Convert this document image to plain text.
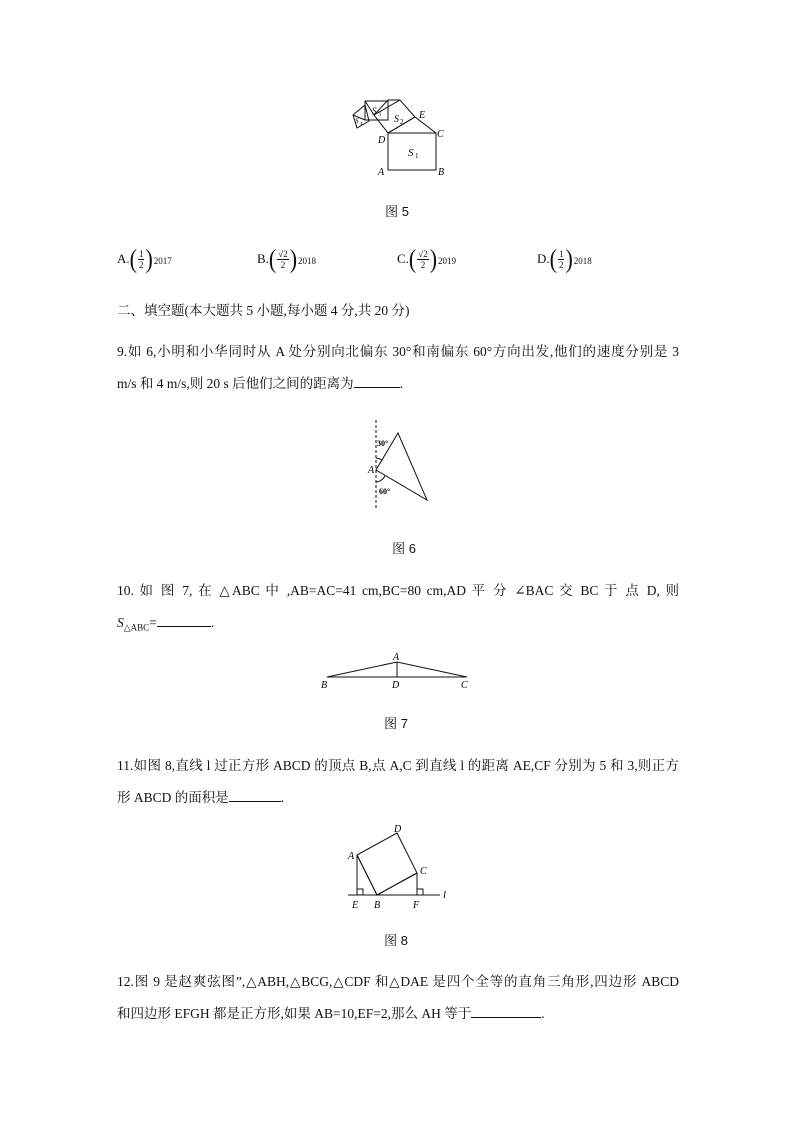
S 1
S 2
S 3
S 4
A	B
C
D
E
图 5
A. ( $\frac{1}{2}$ ) 2017	B. ( $\frac{√2}{2}$ ) 2018	C. ( $\frac{√2}{2}$ ) 2019	D. ( $\frac{1}{2}$ ) 2018
二、填空题(本大题共 5 小题,每小题 4 分,共 20 分)
9.如 6,小明和小华同时从 A 处分别向北偏东 30°和南偏东 60°方向出发,他们的速度分别是 3
m/s 和 4 m/s,则 20 s 后他们之间的距离为	.
30°
60°
A
图 6
10. 如 图 7, 在 △ABC 中 ,AB=AC=41 cm,BC=80 cm,AD 平 分 ∠BAC 交 BC 于 点 D, 则
$S_{\triangle ABC}=$	.
A
B	D	C
图 7
11.如图 8,直线 l 过正方形 ABCD 的顶点 B,点 A,C 到直线 l 的距离 AE,CF 分别为 5 和 3,则正方
形 ABCD 的面积是	.
A
D
C
E B	F
l
图 8
12.图 9 是赵爽弦图”,△ABH,△BCG,△CDF 和△DAE 是四个全等的直角三角形,四边形 ABCD
和四边形 EFGH 都是正方形,如果 AB=10,EF=2,那么 AH 等于	.
